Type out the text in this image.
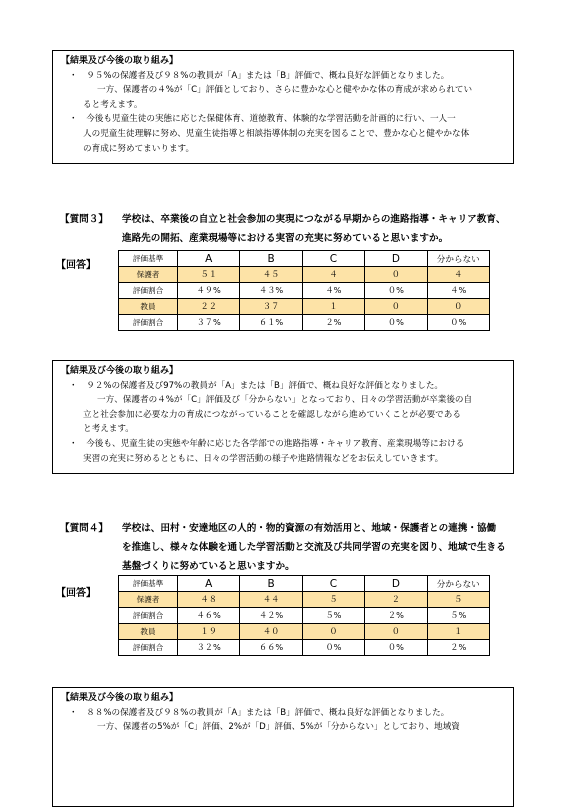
【結果及び今後の取り組み】

・　９５%の保護者及び９８%の教員が「A」または「B」評価で、概ね良好な評価となりました。

一方、保護者の４%が「C」評価としており、さらに豊かな心と健やかな体の育成が求められてい

ると考えます。

・　今後も児童生徒の実態に応じた保健体育、道徳教育、体験的な学習活動を計画的に行い、一人一

人の児童生徒理解に努め、児童生徒指導と相談指導体制の充実を図ることで、豊かな心と健やかな体

の育成に努めてまいります。

【質問３】 学校は、卒業後の自立と社会参加の実現につながる早期からの進路指導・キャリア教育、
進路先の開拓、産業現場等における実習の充実に努めていると思いますか。
【回答】
評価基準	A	B	C	D	分からない
保護者	５１	４５	４	０	４
評価割合	４９%	４３%	４%	０%	４%
教員	２２	３７	１	０	０
評価割合	３７%	６１%	２%	０%	０%

【結果及び今後の取り組み】

・　９２%の保護者及び97%の教員が「A」または「B」評価で、概ね良好な評価となりました。

一方、保護者の４%が「C」評価及び「分からない」となっており、日々の学習活動が卒業後の自

立と社会参加に必要な力の育成につながっていることを確認しながら進めていくことが必要である

と考えます。

・　今後も、児童生徒の実態や年齢に応じた各学部での進路指導・キャリア教育、産業現場等における

実習の充実に努めるとともに、日々の学習活動の様子や進路情報などをお伝えしていきます。

【質問４】 学校は、田村・安達地区の人的・物的資源の有効活用と、地域・保護者との連携・協働
を推進し、様々な体験を通した学習活動と交流及び共同学習の充実を図り、地域で生きる
基盤づくりに努めていると思いますか。
【回答】
評価基準	A	B	C	D	分からない
保護者	４８	４４	５	２	５
評価割合	４６%	４２%	５%	２%	５%
教員	１９	４０	０	０	１
評価割合	３２%	６６%	０%	０%	２%

【結果及び今後の取り組み】

・　８８%の保護者及び９８%の教員が「A」または「B」評価で、概ね良好な評価となりました。

一方、保護者の5%が「C」評価、2%が「D」評価、5%が「分からない」としており、地域資
